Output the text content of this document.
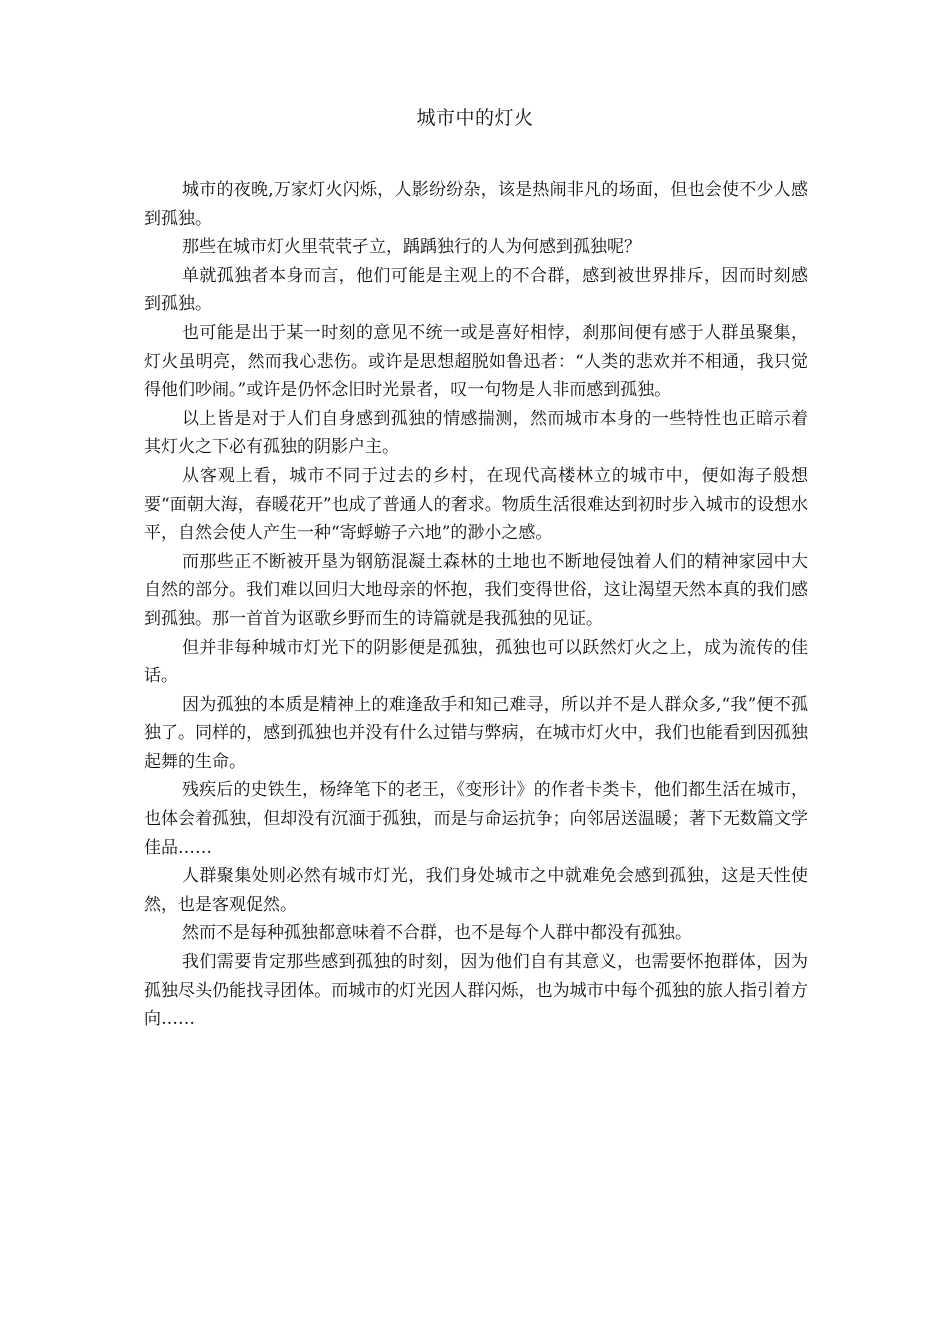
城市中的灯火

城市的夜晚,万家灯火闪烁，人影纷纷杂，该是热闹非凡的场面，但也会使不少人感到孤独。

那些在城市灯火里茕茕孑立，踽踽独行的人为何感到孤独呢？

单就孤独者本身而言，他们可能是主观上的不合群，感到被世界排斥，因而时刻感到孤独。

也可能是出于某一时刻的意见不统一或是喜好相悖，刹那间便有感于人群虽聚集，灯火虽明亮，然而我心悲伤。或许是思想超脱如鲁迅者：“人类的悲欢并不相通，我只觉得他们吵闹。”或许是仍怀念旧时光景者，叹一句物是人非而感到孤独。

以上皆是对于人们自身感到孤独的情感揣测，然而城市本身的一些特性也正暗示着其灯火之下必有孤独的阴影户主。

从客观上看，城市不同于过去的乡村，在现代高楼林立的城市中，便如海子般想要“面朝大海，春暖花开”也成了普通人的奢求。物质生活很难达到初时步入城市的设想水平，自然会使人产生一种“寄蜉蝣子六地”的渺小之感。

而那些正不断被开垦为钢筋混凝土森林的土地也不断地侵蚀着人们的精神家园中大自然的部分。我们难以回归大地母亲的怀抱，我们变得世俗，这让渴望天然本真的我们感到孤独。那一首首为讴歌乡野而生的诗篇就是我孤独的见证。

但并非每种城市灯光下的阴影便是孤独，孤独也可以跃然灯火之上，成为流传的佳话。

因为孤独的本质是精神上的难逢敌手和知己难寻，所以并不是人群众多,“我”便不孤独了。同样的，感到孤独也并没有什么过错与弊病，在城市灯火中，我们也能看到因孤独起舞的生命。

残疾后的史铁生，杨绛笔下的老王，《变形计》的作者卡类卡，他们都生活在城市，也体会着孤独，但却没有沉湎于孤独，而是与命运抗争；向邻居送温暖；著下无数篇文学佳品……

人群聚集处则必然有城市灯光，我们身处城市之中就难免会感到孤独，这是天性使然，也是客观促然。

然而不是每种孤独都意味着不合群，也不是每个人群中都没有孤独。

我们需要肯定那些感到孤独的时刻，因为他们自有其意义，也需要怀抱群体，因为孤独尽头仍能找寻团体。而城市的灯光因人群闪烁，也为城市中每个孤独的旅人指引着方向……
